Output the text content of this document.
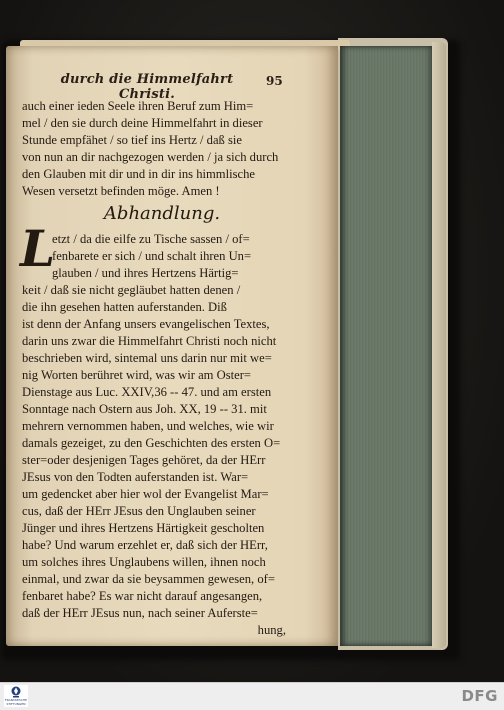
durch die Himmelfahrt Christi.
95
auch einer ieden Seele ihren Beruf zum Him=
mel / den sie durch deine Himmelfahrt in dieser
Stunde empfähet / so tief ins Hertz / daß sie
von nun an dir nachgezogen werden / ja sich durch
den Glauben mit dir und in dir ins himmlische
Wesen versetzt befinden möge. Amen !
Abhandlung.
L
etzt / da die eilfe zu Tische sassen / of=
fenbarete er sich / und schalt ihren Un=
glauben / und ihres Hertzens Härtig=
keit / daß sie nicht gegläubet hatten denen /
die ihn gesehen hatten auferstanden. Diß
ist denn der Anfang unsers evangelischen Textes,
darin uns zwar die Himmelfahrt Christi noch nicht
beschrieben wird, sintemal uns darin nur mit we=
nig Worten berühret wird, was wir am Oster=
Dienstage aus Luc. XXIV,36 -- 47. und am ersten
Sonntage nach Ostern aus Joh. XX, 19 -- 31. mit
mehrern vernommen haben, und welches, wie wir
damals gezeiget, zu den Geschichten des ersten O=
ster=oder desjenigen Tages gehöret, da der HErr
JEsus von den Todten auferstanden ist. War=
um gedencket aber hier wol der Evangelist Mar=
cus, daß der HErr JEsus den Unglauben seiner
Jünger und ihres Hertzens Härtigkeit gescholten
habe? Und warum erzehlet er, daß sich der HErr,
um solches ihres Unglaubens willen, ihnen noch
einmal, und zwar da sie beysammen gewesen, of=
fenbaret habe? Es war nicht darauf angesangen,
daß der HErr JEsus nun, nach seiner Auferste=
hung,
FRANCKESCHE STIFTUNGEN	DFG
